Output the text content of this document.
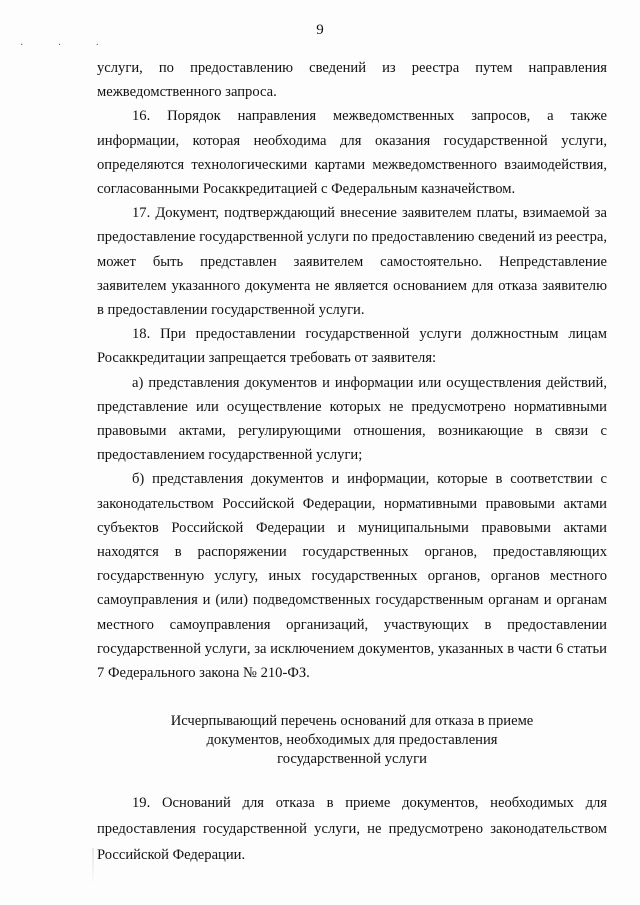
9
· · ·

услуги, по предоставлению сведений из реестра путем направления межведомственного запроса.

16. Порядок направления межведомственных запросов, а также информации, которая необходима для оказания государственной услуги, определяются технологическими картами межведомственного взаимодействия, согласованными Росаккредитацией с Федеральным казначейством.

17. Документ, подтверждающий внесение заявителем платы, взимаемой за предоставление государственной услуги по предоставлению сведений из реестра, может быть представлен заявителем самостоятельно. Непредставление заявителем указанного документа не является основанием для отказа заявителю в предоставлении государственной услуги.

18. При предоставлении государственной услуги должностным лицам Росаккредитации запрещается требовать от заявителя:

а) представления документов и информации или осуществления действий, представление или осуществление которых не предусмотрено нормативными правовыми актами, регулирующими отношения, возникающие в связи с предоставлением государственной услуги;

б) представления документов и информации, которые в соответствии с законодательством Российской Федерации, нормативными правовыми актами субъектов Российской Федерации и муниципальными правовыми актами находятся в распоряжении государственных органов, предоставляющих государственную услугу, иных государственных органов, органов местного самоуправления и (или) подведомственных государственным органам и органам местного самоуправления организаций, участвующих в предоставлении государственной услуги, за исключением документов, указанных в части 6 статьи 7 Федерального закона № 210-ФЗ.

Исчерпывающий перечень оснований для отказа в приеме
документов, необходимых для предоставления
государственной услуги

19. Оснований для отказа в приеме документов, необходимых для предоставления государственной услуги, не предусмотрено законодательством Российской Федерации.
